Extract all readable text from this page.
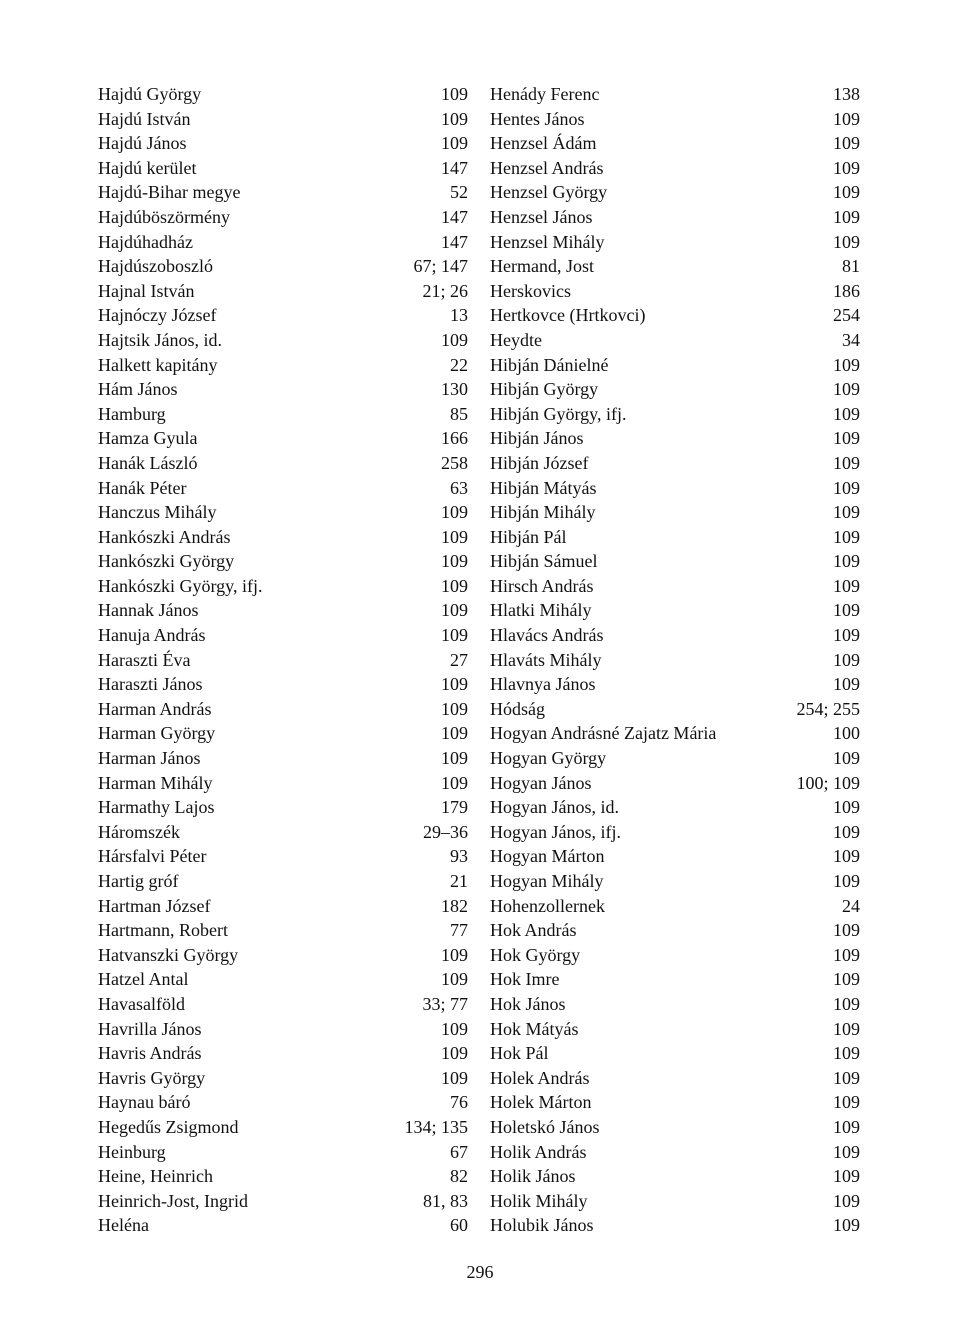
Hajdú György	109
Hajdú István	109
Hajdú János	109
Hajdú kerület	147
Hajdú-Bihar megye	52
Hajdúböszörmény	147
Hajdúhadház	147
Hajdúszoboszló	67; 147
Hajnal István	21; 26
Hajnóczy József	13
Hajtsik János, id.	109
Halkett kapitány	22
Hám János	130
Hamburg	85
Hamza Gyula	166
Hanák László	258
Hanák Péter	63
Hanczus Mihály	109
Hankószki András	109
Hankószki György	109
Hankószki György, ifj.	109
Hannak János	109
Hanuja András	109
Haraszti Éva	27
Haraszti János	109
Harman András	109
Harman György	109
Harman János	109
Harman Mihály	109
Harmathy Lajos	179
Háromszék	29–36
Hársfalvi Péter	93
Hartig gróf	21
Hartman József	182
Hartmann, Robert	77
Hatvanszki György	109
Hatzel Antal	109
Havasalföld	33; 77
Havrilla János	109
Havris András	109
Havris György	109
Haynau báró	76
Hegedűs Zsigmond	134; 135
Heinburg	67
Heine, Heinrich	82
Heinrich-Jost, Ingrid	81, 83
Heléna	60
Henády Ferenc	138
Hentes János	109
Henzsel Ádám	109
Henzsel András	109
Henzsel György	109
Henzsel János	109
Henzsel Mihály	109
Hermand, Jost	81
Herskovics	186
Hertkovce (Hrtkovci)	254
Heydte	34
Hibján Dánielné	109
Hibján György	109
Hibján György, ifj.	109
Hibján János	109
Hibján József	109
Hibján Mátyás	109
Hibján Mihály	109
Hibján Pál	109
Hibján Sámuel	109
Hirsch András	109
Hlatki Mihály	109
Hlavács András	109
Hlaváts Mihály	109
Hlavnya János	109
Hódság	254; 255
Hogyan Andrásné Zajatz Mária	100
Hogyan György	109
Hogyan János	100; 109
Hogyan János, id.	109
Hogyan János, ifj.	109
Hogyan Márton	109
Hogyan Mihály	109
Hohenzollernek	24
Hok András	109
Hok György	109
Hok Imre	109
Hok János	109
Hok Mátyás	109
Hok Pál	109
Holek András	109
Holek Márton	109
Holetskó János	109
Holik András	109
Holik János	109
Holik Mihály	109
Holubik János	109
296
